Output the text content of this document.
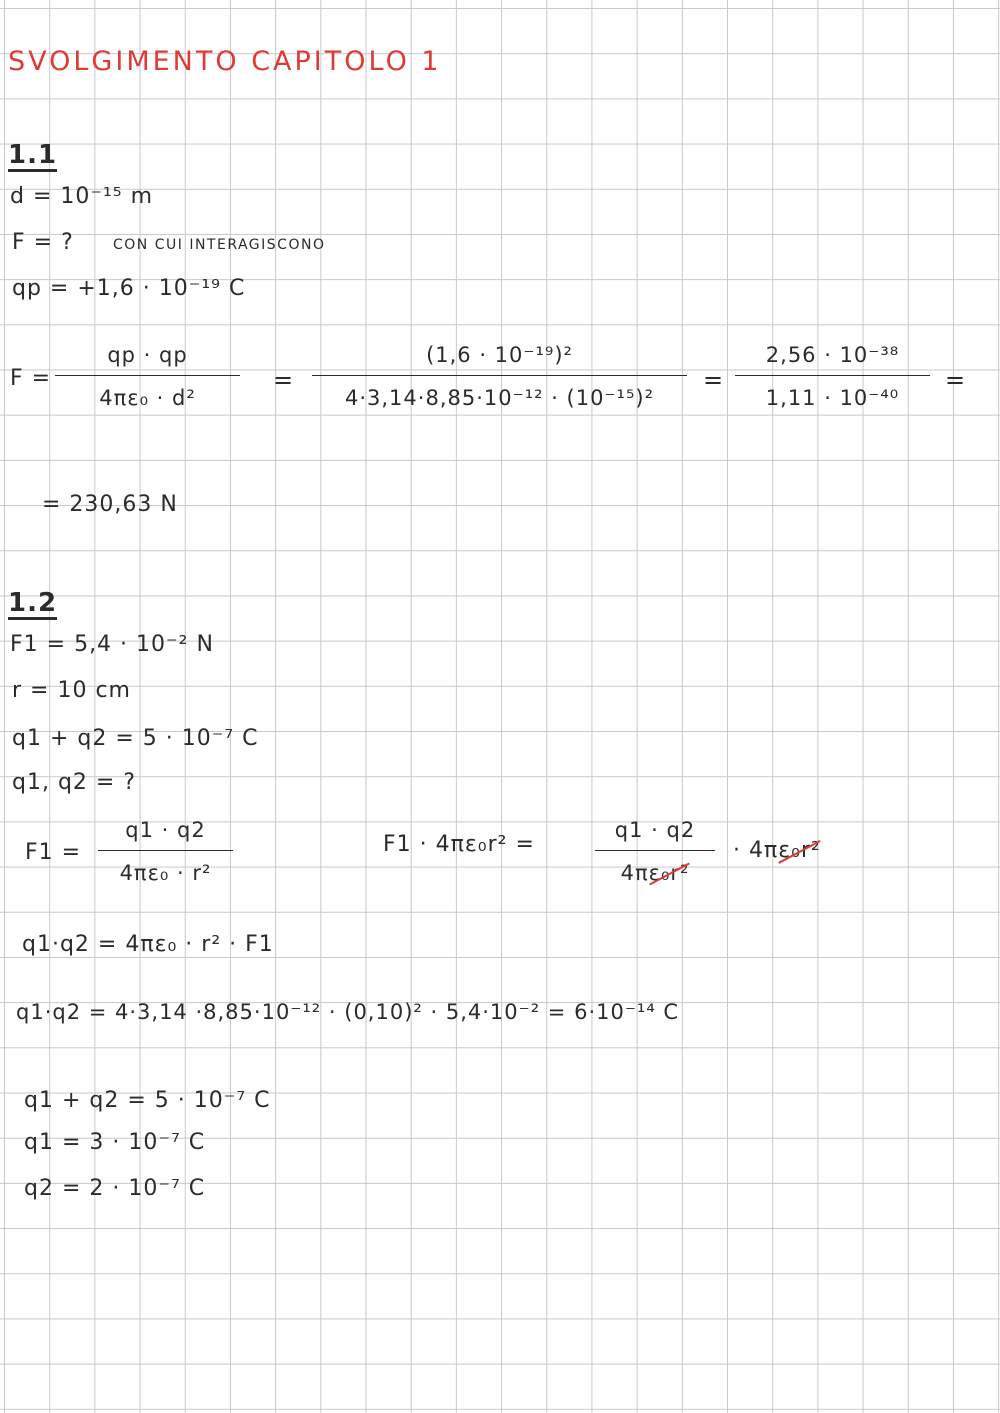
SVOLGIMENTO CAPITOLO 1
1.1
d = 10⁻¹⁵ m
F = ?	CON CUI INTERAGISCONO
qp = +1,6 · 10⁻¹⁹ C
F =
qp · qp
4πε₀ · d²
=
(1,6 · 10⁻¹⁹)²
4·3,14·8,85·10⁻¹² · (10⁻¹⁵)²
=
2,56 · 10⁻³⁸
1,11 · 10⁻⁴⁰
=
= 230,63 N
1.2
F1 = 5,4 · 10⁻² N
r = 10 cm
q1 + q2 = 5 · 10⁻⁷ C
q1, q2 = ?
F1 =
q1 · q2
4πε₀ · r²
F1 · 4πε₀r² =
q1 · q2
4πε₀r²
· 4πε₀r²
q1·q2 = 4πε₀ · r² · F1
q1·q2 = 4·3,14 ·8,85·10⁻¹² · (0,10)² · 5,4·10⁻² = 6·10⁻¹⁴ C
q1 + q2 = 5 · 10⁻⁷ C
q1 = 3 · 10⁻⁷ C
q2 = 2 · 10⁻⁷ C
